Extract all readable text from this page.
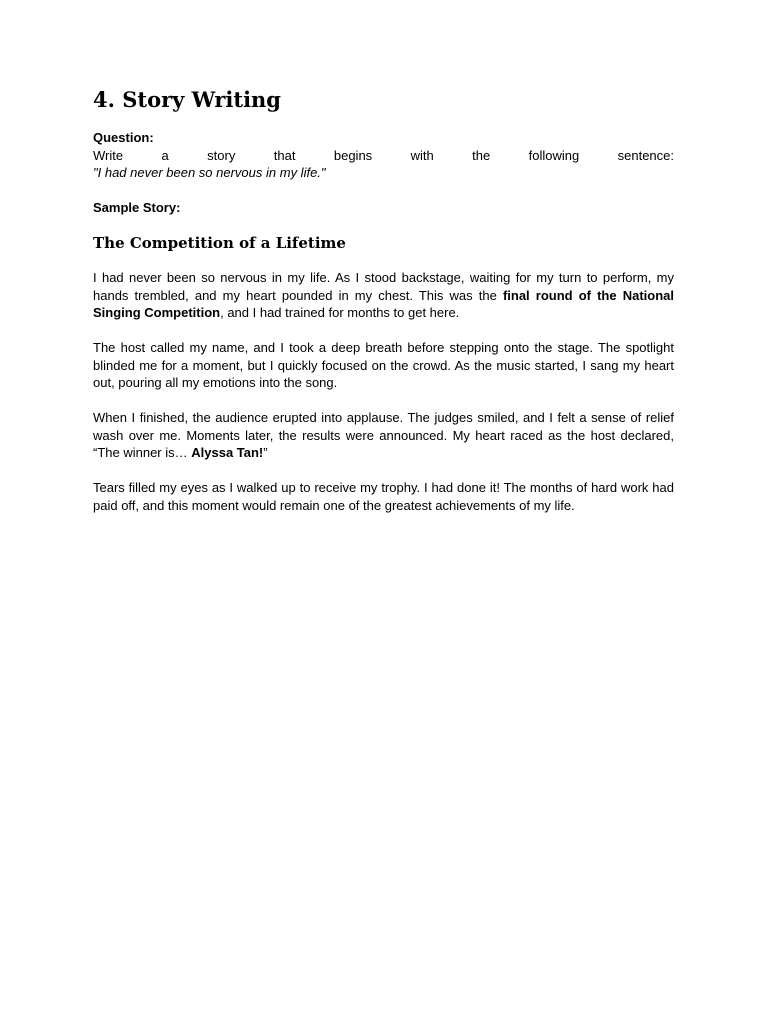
4. Story Writing

Question:

Write a story that begins with the following sentence:

"I had never been so nervous in my life."

Sample Story:

The Competition of a Lifetime

I had never been so nervous in my life. As I stood backstage, waiting for my turn to perform, my hands trembled, and my heart pounded in my chest. This was the final round of the National Singing Competition, and I had trained for months to get here.

The host called my name, and I took a deep breath before stepping onto the stage. The spotlight blinded me for a moment, but I quickly focused on the crowd. As the music started, I sang my heart out, pouring all my emotions into the song.

When I finished, the audience erupted into applause. The judges smiled, and I felt a sense of relief wash over me. Moments later, the results were announced. My heart raced as the host declared, “The winner is… Alyssa Tan!”

Tears filled my eyes as I walked up to receive my trophy. I had done it! The months of hard work had paid off, and this moment would remain one of the greatest achievements of my life.
